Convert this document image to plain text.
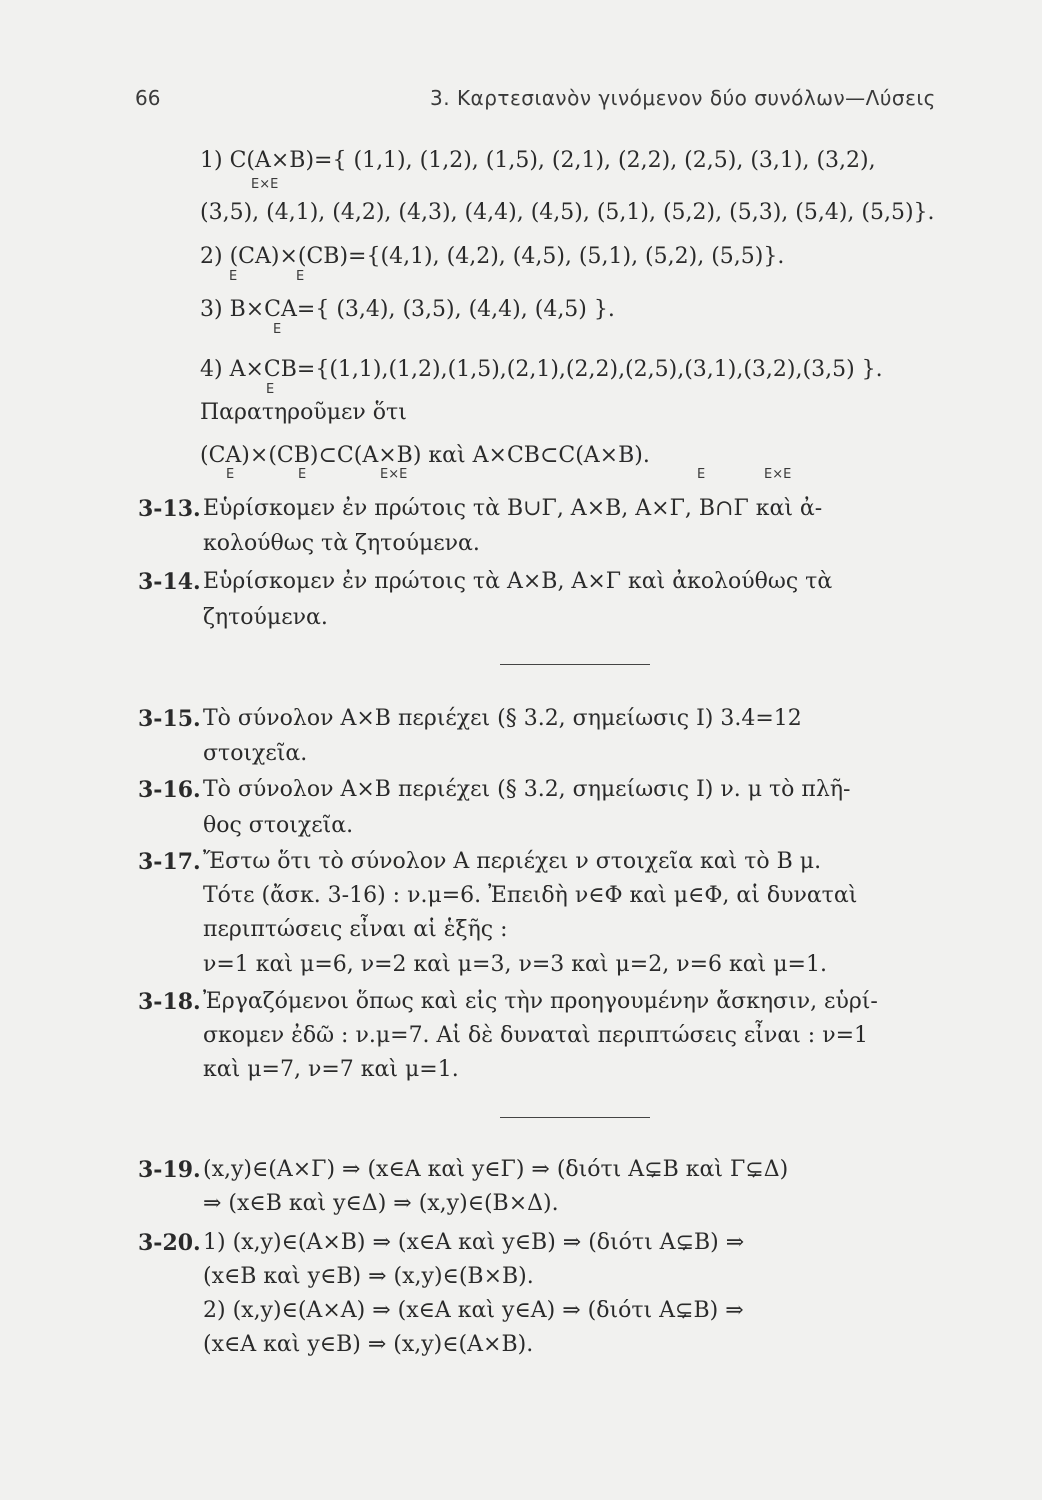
66	3. Καρτεσιανὸν γινόμενον δύο συνόλων—Λύσεις
1) C(A×B)={ (1,1), (1,2), (1,5), (2,1), (2,2), (2,5), (3,1), (3,2),
E×E
(3,5), (4,1), (4,2), (4,3), (4,4), (4,5), (5,1), (5,2), (5,3), (5,4), (5,5)}.
2) (CA)×(CB)={(4,1), (4,2), (4,5), (5,1), (5,2), (5,5)}.
E	E
3) B×CA={ (3,4), (3,5), (4,4), (4,5) }.
E
4) A×CB={(1,1),(1,2),(1,5),(2,1),(2,2),(2,5),(3,1),(3,2),(3,5) }.
E
Παρατηροῦμεν ὅτι
(CA)×(CB)⊂C(A×B) καὶ A×CB⊂C(A×B).
E	E	E×E	E	E×E
3-13. Εὑρίσκομεν ἐν πρώτοις τὰ B∪Γ, A×B, A×Γ, B∩Γ καὶ ἀ-
κολούθως τὰ ζητούμενα.
3-14. Εὑρίσκομεν ἐν πρώτοις τὰ A×B, A×Γ καὶ ἀκολούθως τὰ
ζητούμενα.
3-15. Τὸ σύνολον A×B περιέχει (§ 3.2, σημείωσις I) 3.4=12
στοιχεῖα.
3-16. Τὸ σύνολον A×B περιέχει (§ 3.2, σημείωσις I) ν. μ τὸ πλῆ-
θος στοιχεῖα.
3-17. Ἔστω ὅτι τὸ σύνολον A περιέχει ν στοιχεῖα καὶ τὸ B μ.
Τότε (ἄσκ. 3-16) : ν.μ=6. Ἐπειδὴ ν∈Φ καὶ μ∈Φ, αἱ δυναταὶ
περιπτώσεις εἶναι αἱ ἑξῆς :
ν=1 καὶ μ=6, ν=2 καὶ μ=3, ν=3 καὶ μ=2, ν=6 καὶ μ=1.
3-18. Ἐργαζόμενοι ὅπως καὶ εἰς τὴν προηγουμένην ἄσκησιν, εὑρί-
σκομεν ἐδῶ : ν.μ=7. Αἱ δὲ δυναταὶ περιπτώσεις εἶναι : ν=1
καὶ μ=7, ν=7 καὶ μ=1.
3-19. (x,y)∈(A×Γ) ⇒ (x∈A καὶ y∈Γ) ⇒ (διότι A⊊B καὶ Γ⊊Δ)
⇒ (x∈B καὶ y∈Δ) ⇒ (x,y)∈(B×Δ).
3-20. 1) (x,y)∈(A×B) ⇒ (x∈A καὶ y∈B) ⇒ (διότι A⊊B) ⇒
(x∈B καὶ y∈B) ⇒ (x,y)∈(B×B).
2) (x,y)∈(A×A) ⇒ (x∈A καὶ y∈A) ⇒ (διότι A⊊B) ⇒
(x∈A καὶ y∈B) ⇒ (x,y)∈(A×B).
